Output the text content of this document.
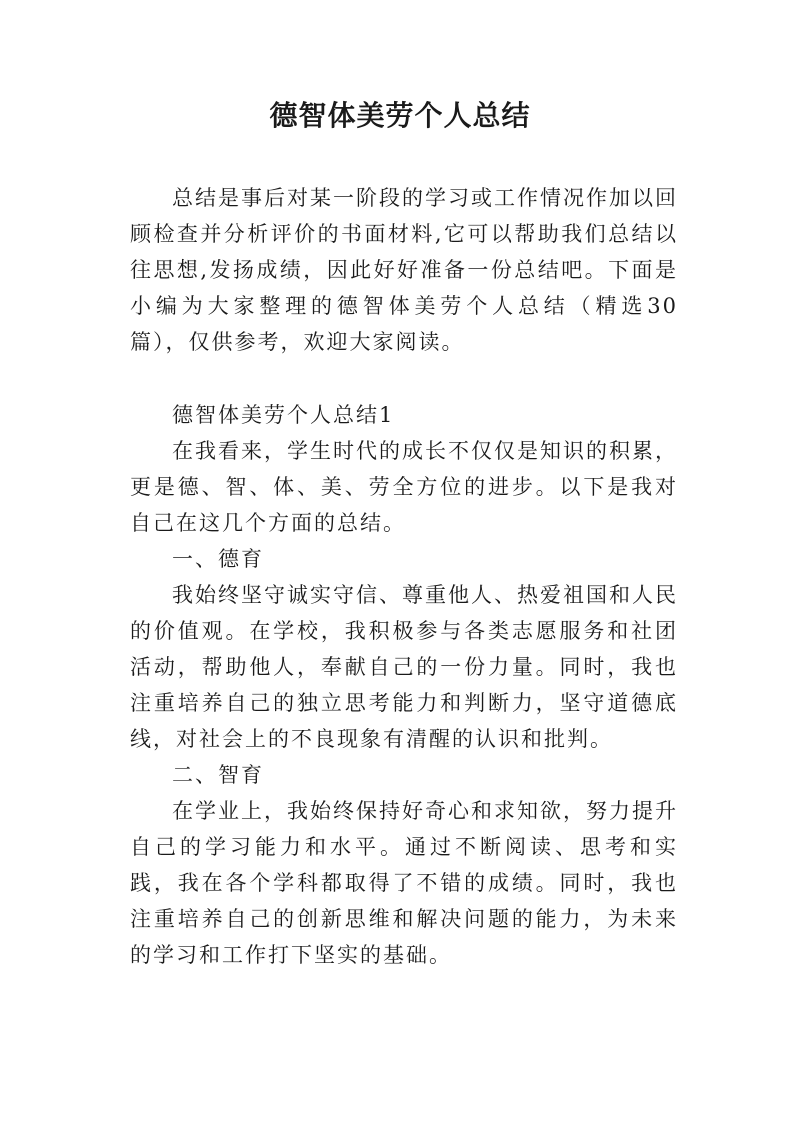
德智体美劳个人总结

总结是事后对某一阶段的学习或工作情况作加以回顾检查并分析评价的书面材料,它可以帮助我们总结以往思想,发扬成绩，因此好好准备一份总结吧。下面是小编为大家整理的德智体美劳个人总结（精选30篇），仅供参考，欢迎大家阅读。

德智体美劳个人总结1

在我看来，学生时代的成长不仅仅是知识的积累，更是德、智、体、美、劳全方位的进步。以下是我对自己在这几个方面的总结。

一、德育

我始终坚守诚实守信、尊重他人、热爱祖国和人民的价值观。在学校，我积极参与各类志愿服务和社团活动，帮助他人，奉献自己的一份力量。同时，我也注重培养自己的独立思考能力和判断力，坚守道德底线，对社会上的不良现象有清醒的认识和批判。

二、智育

在学业上，我始终保持好奇心和求知欲，努力提升自己的学习能力和水平。通过不断阅读、思考和实践，我在各个学科都取得了不错的成绩。同时，我也注重培养自己的创新思维和解决问题的能力，为未来的学习和工作打下坚实的基础。
